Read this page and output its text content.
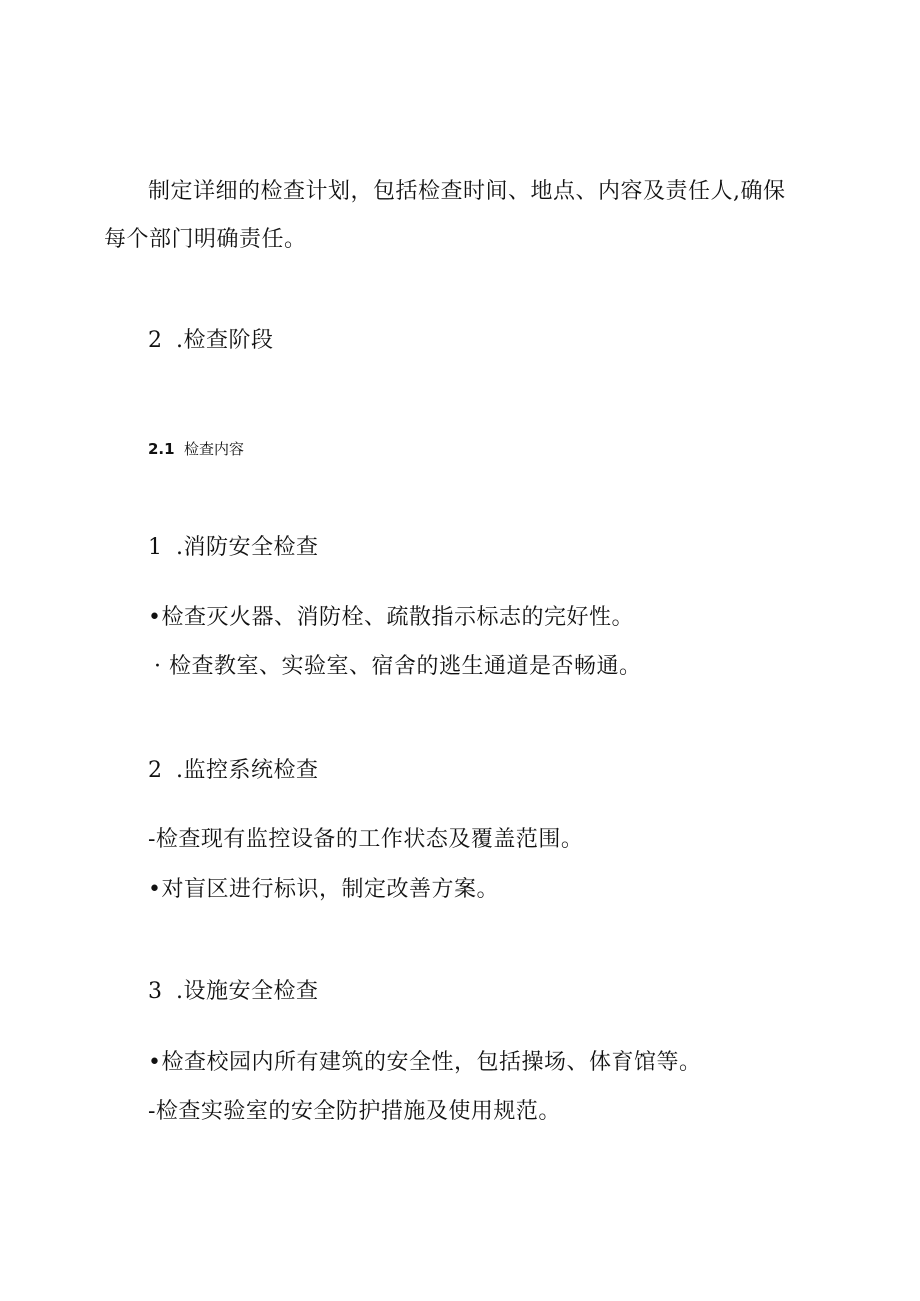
制定详细的检查计划，包括检查时间、地点、内容及责任人,确保
每个部门明确责任。
2 .检查阶段
2.1 检查内容
1 .消防安全检查
•检查灭火器、消防栓、疏散指示标志的完好性。
· 检查教室、实验室、宿舍的逃生通道是否畅通。
2 .监控系统检查
-检查现有监控设备的工作状态及覆盖范围。
•对盲区进行标识，制定改善方案。
3 .设施安全检查
•检查校园内所有建筑的安全性，包括操场、体育馆等。
-检查实验室的安全防护措施及使用规范。
